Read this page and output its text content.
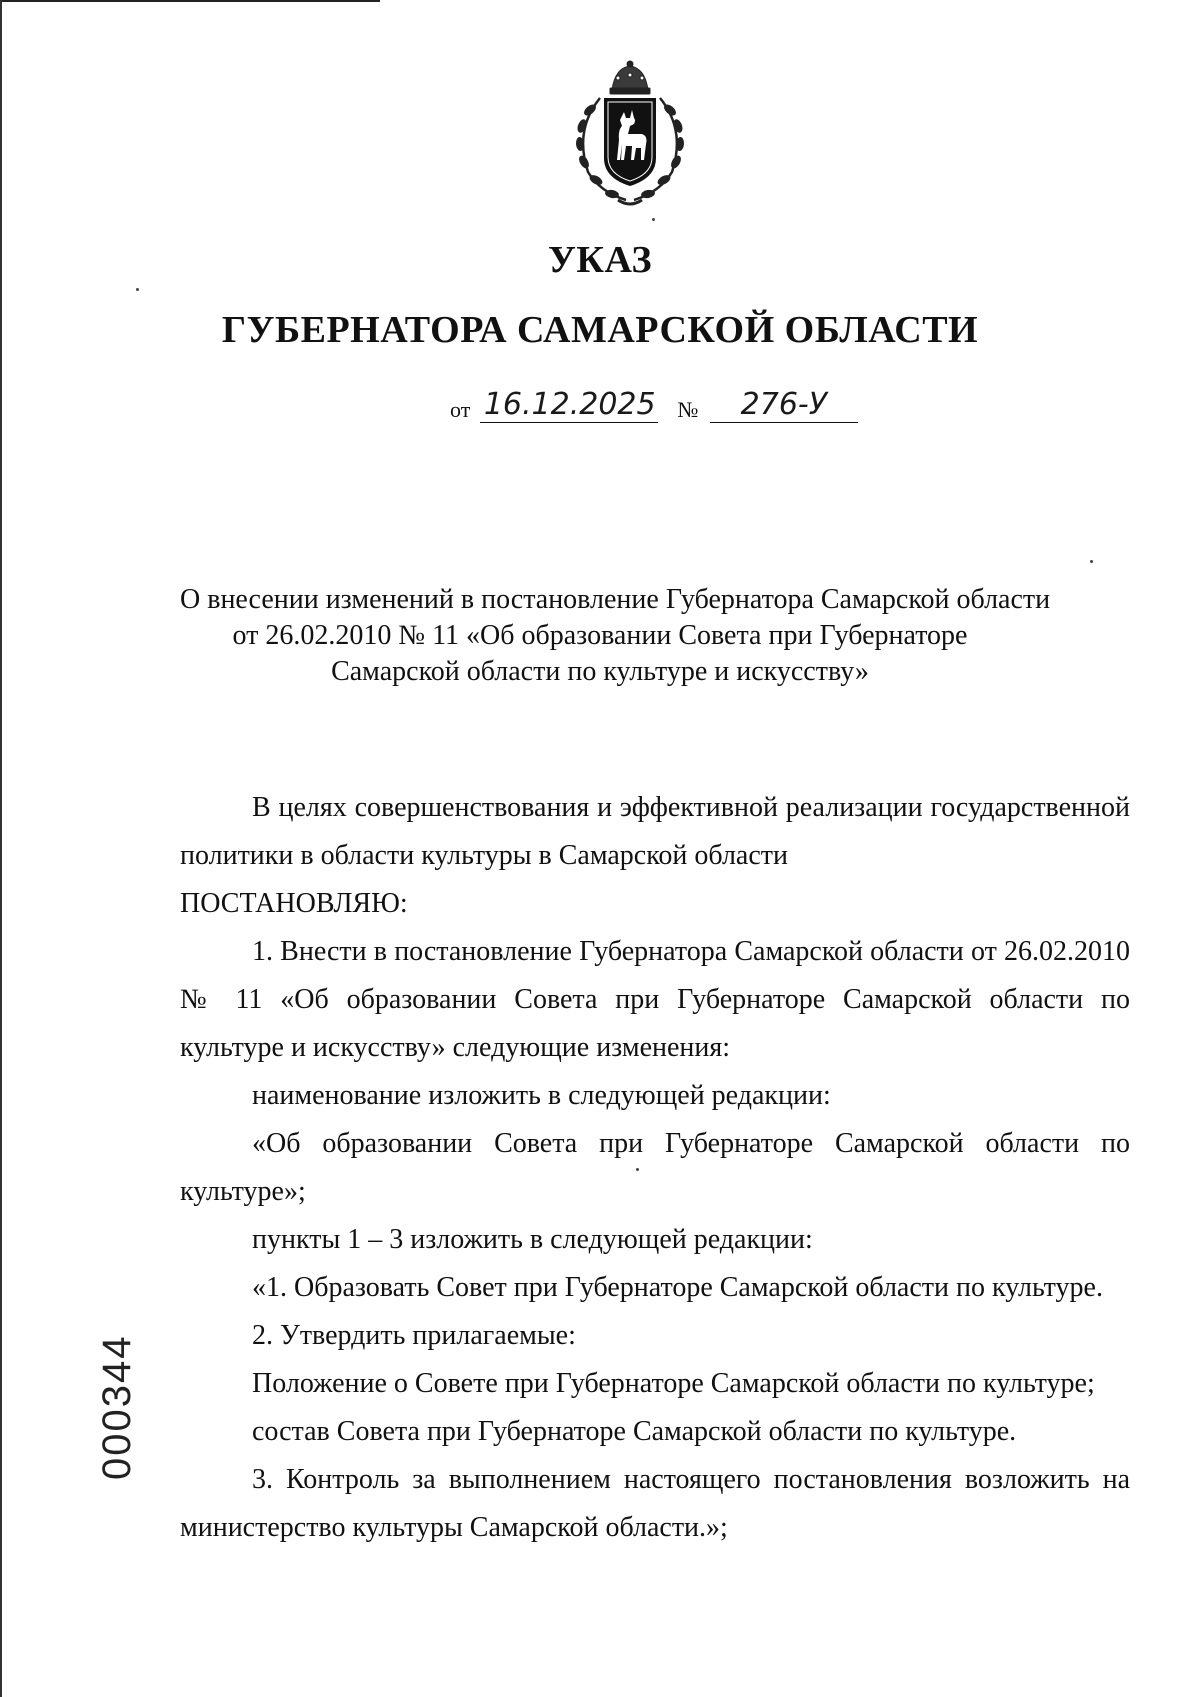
УКАЗ
ГУБЕРНАТОРА САМАРСКОЙ ОБЛАСТИ
от 16.12.2025 № 276-У
О внесении изменений в постановление Губернатора Самарской области
от 26.02.2010 № 11 «Об образовании Совета при Губернаторе
Самарской области по культуре и искусству»

В целях совершенствования и эффективной реализации государственной политики в области культуры в Самарской области

ПОСТАНОВЛЯЮ:

1. Внести в постановление Губернатора Самарской области от 26.02.2010 № 11 «Об образовании Совета при Губернаторе Самарской области по культуре и искусству» следующие изменения:

наименование изложить в следующей редакции:

«Об образовании Совета при Губернаторе Самарской области по культуре»;

пункты 1 – 3 изложить в следующей редакции:

«1. Образовать Совет при Губернаторе Самарской области по культуре.

2. Утвердить прилагаемые:

Положение о Совете при Губернаторе Самарской области по культуре;

состав Совета при Губернаторе Самарской области по культуре.

3. Контроль за выполнением настоящего постановления возложить на министерство культуры Самарской области.»;

000344
